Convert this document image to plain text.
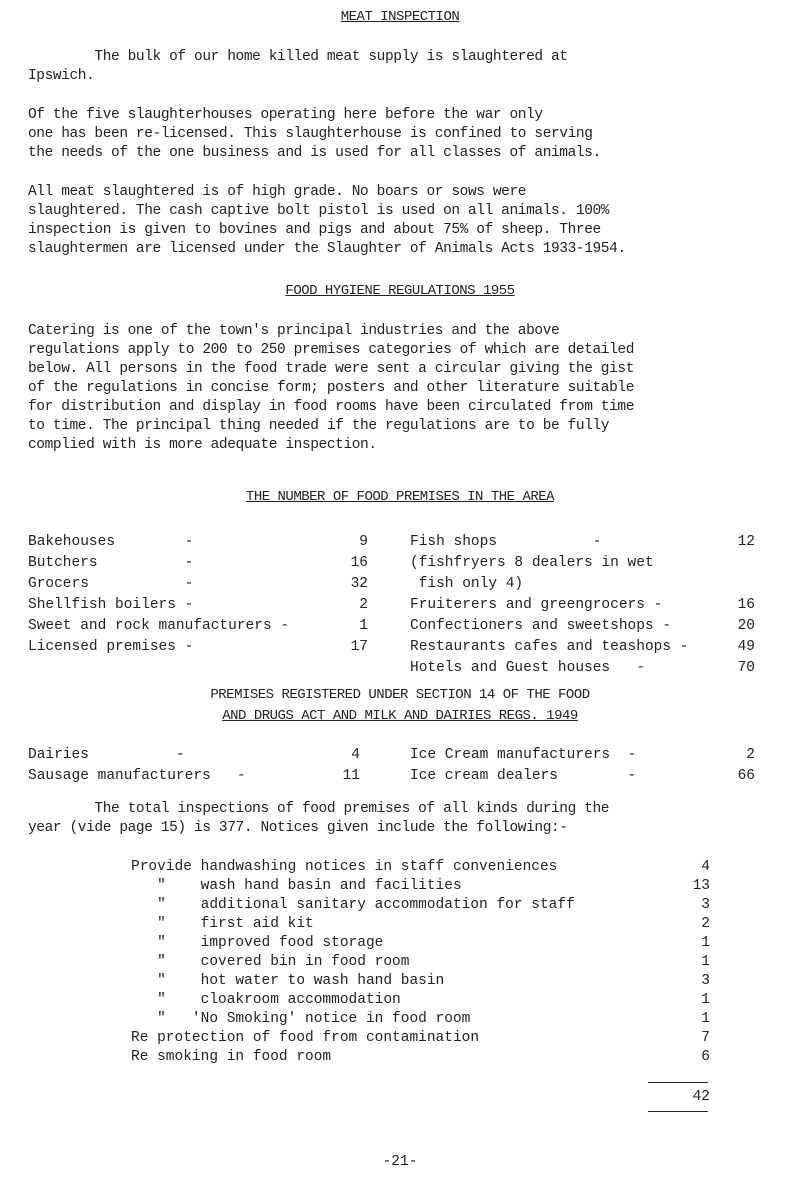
MEAT INSPECTION

The bulk of our home killed meat supply is slaughtered at
Ipswich.

Of the five slaughterhouses operating here before the war only
one has been re-licensed. This slaughterhouse is confined to serving
the needs of the one business and is used for all classes of animals.

All meat slaughtered is of high grade. No boars or sows were
slaughtered. The cash captive bolt pistol is used on all animals. 100%
inspection is given to bovines and pigs and about 75% of sheep. Three
slaughtermen are licensed under the Slaughter of Animals Acts 1933-1954.

FOOD HYGIENE REGULATIONS 1955

Catering is one of the town's principal industries and the above
regulations apply to 200 to 250 premises categories of which are detailed
below. All persons in the food trade were sent a circular giving the gist
of the regulations in concise form; posters and other literature suitable
for distribution and display in food rooms have been circulated from time
to time. The principal thing needed if the regulations are to be fully
complied with is more adequate inspection.

THE NUMBER OF FOOD PREMISES IN THE AREA
Bakehouses        -	9
Butchers          -	16
Grocers           -	32
Shellfish boilers -	2
Sweet and rock manufacturers -	1
Licensed premises -	17
Fish shops           -	12
(fishfryers 8 dealers in wet
fish only 4)
Fruiterers and greengrocers -	16
Confectioners and sweetshops -	20
Restaurants cafes and teashops -	49
Hotels and Guest houses   -	70
PREMISES REGISTERED UNDER SECTION 14 OF THE FOOD
AND DRUGS ACT AND MILK AND DAIRIES REGS. 1949
Dairies          -	4
Sausage manufacturers   -	11
Ice Cream manufacturers  -	2
Ice cream dealers        -	66

The total inspections of food premises of all kinds during the
year (vide page 15) is 377. Notices given include the following:-

Provide handwashing notices in staff conveniences	4
"    wash hand basin and facilities	13
"    additional sanitary accommodation for staff	3
"    first aid kit	2
"    improved food storage	1
"    covered bin in food room	1
"    hot water to wash hand basin	3
"    cloakroom accommodation	1
"   'No Smoking' notice in food room	1
Re protection of food from contamination	7
Re smoking in food room	6
42
-21-
